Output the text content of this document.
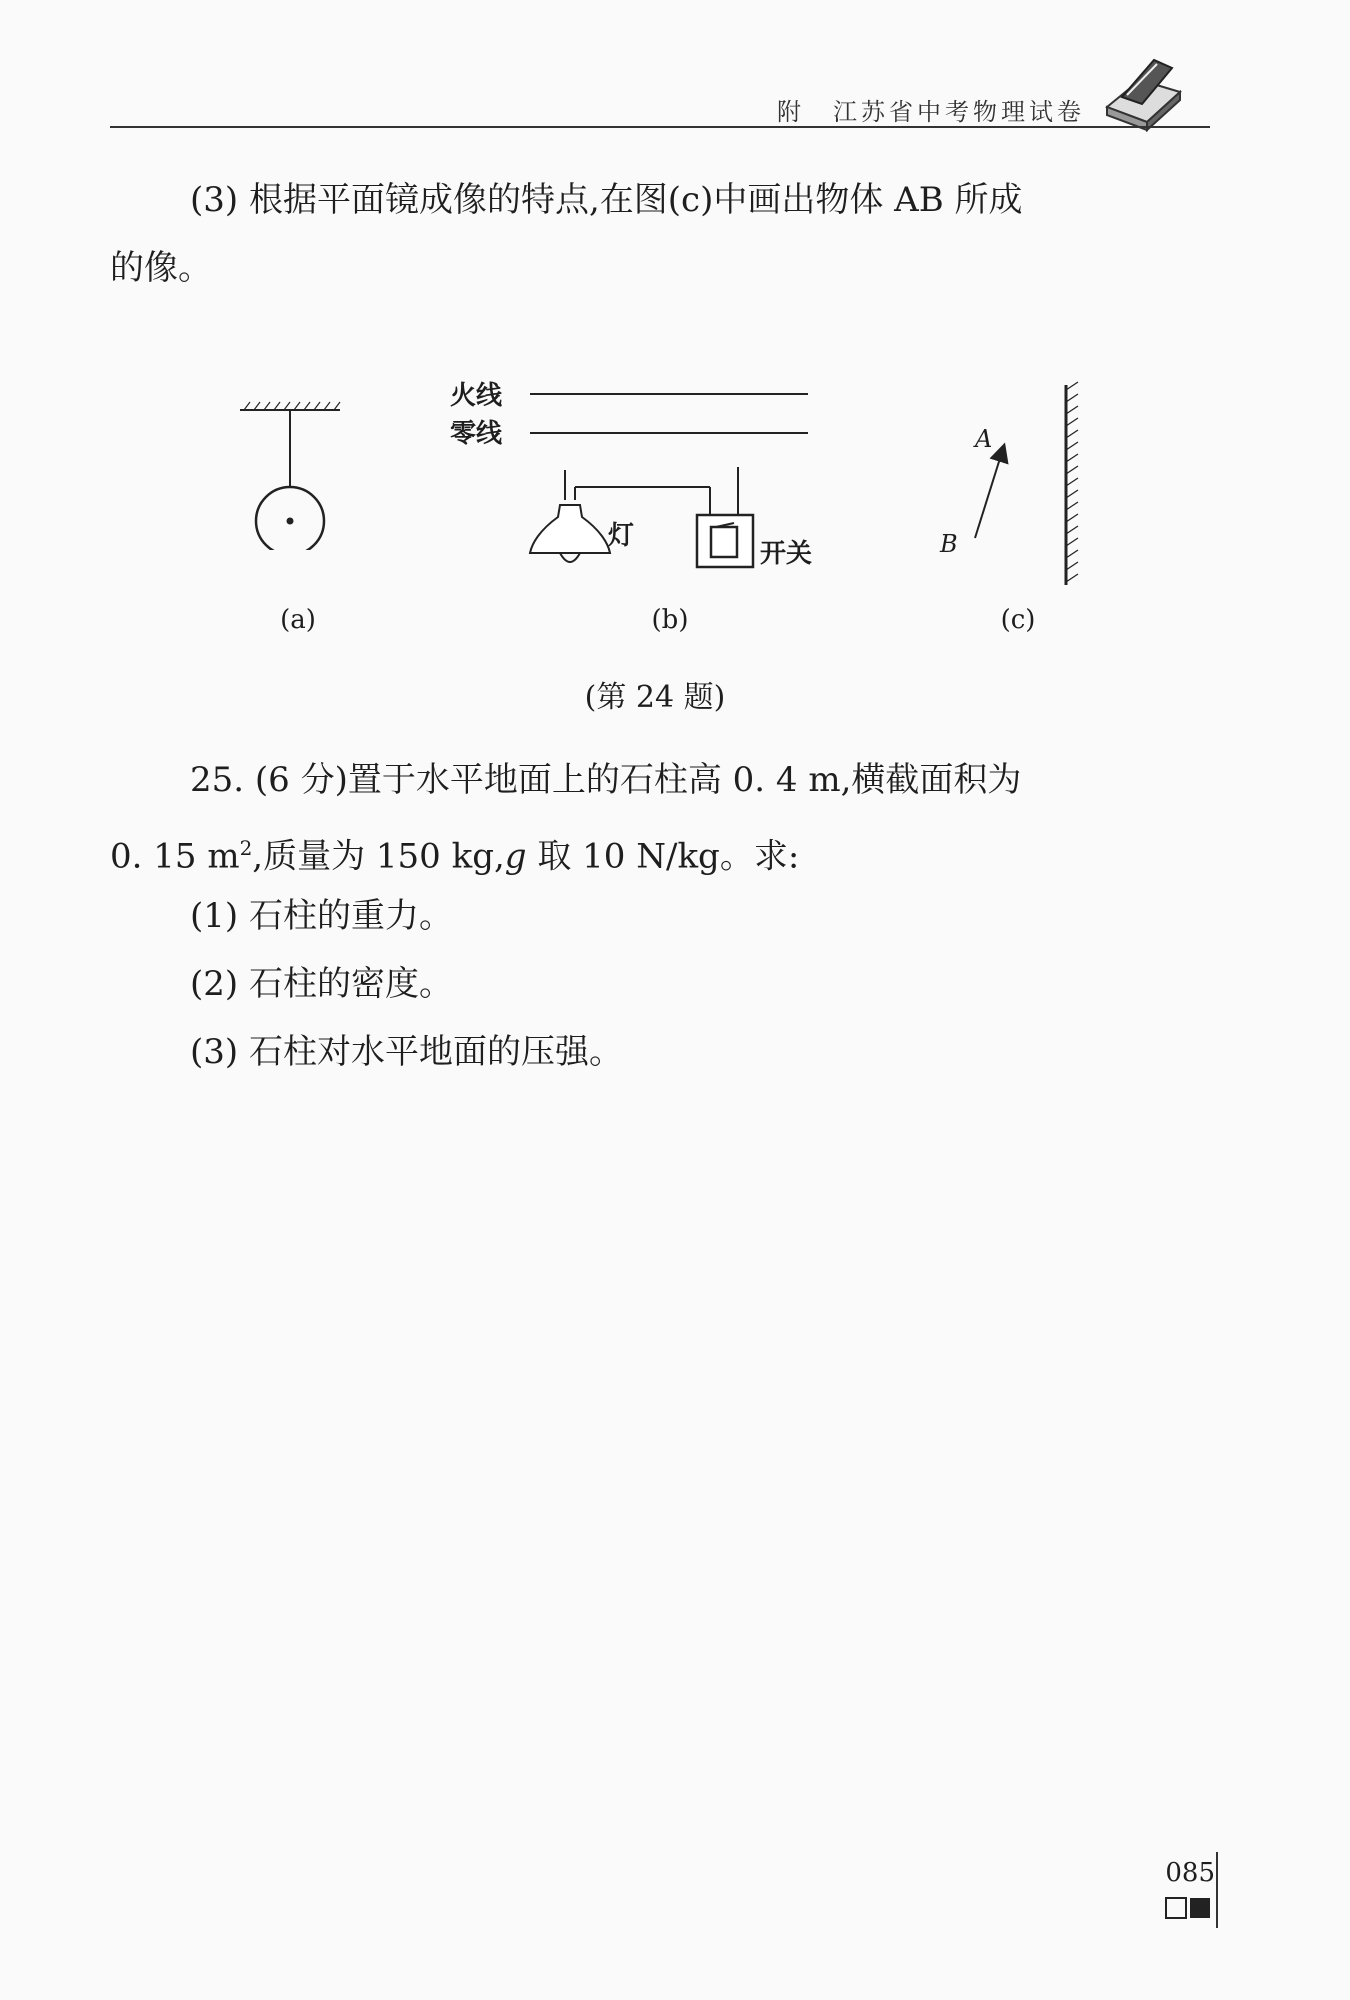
附　江苏省中考物理试卷

(3) 根据平面镜成像的特点,在图(c)中画出物体 AB 所成

的像。

(a)
火线
零线
灯
开关
(b)
A
B
(c)
(第 24 题)

25. (6 分)置于水平地面上的石柱高 0. 4 m,横截面积为

0. 15 $m^2$,质量为 150 kg,g 取 10 N/kg。求:

(1) 石柱的重力。
(2) 石柱的密度。
(3) 石柱对水平地面的压强。
085
